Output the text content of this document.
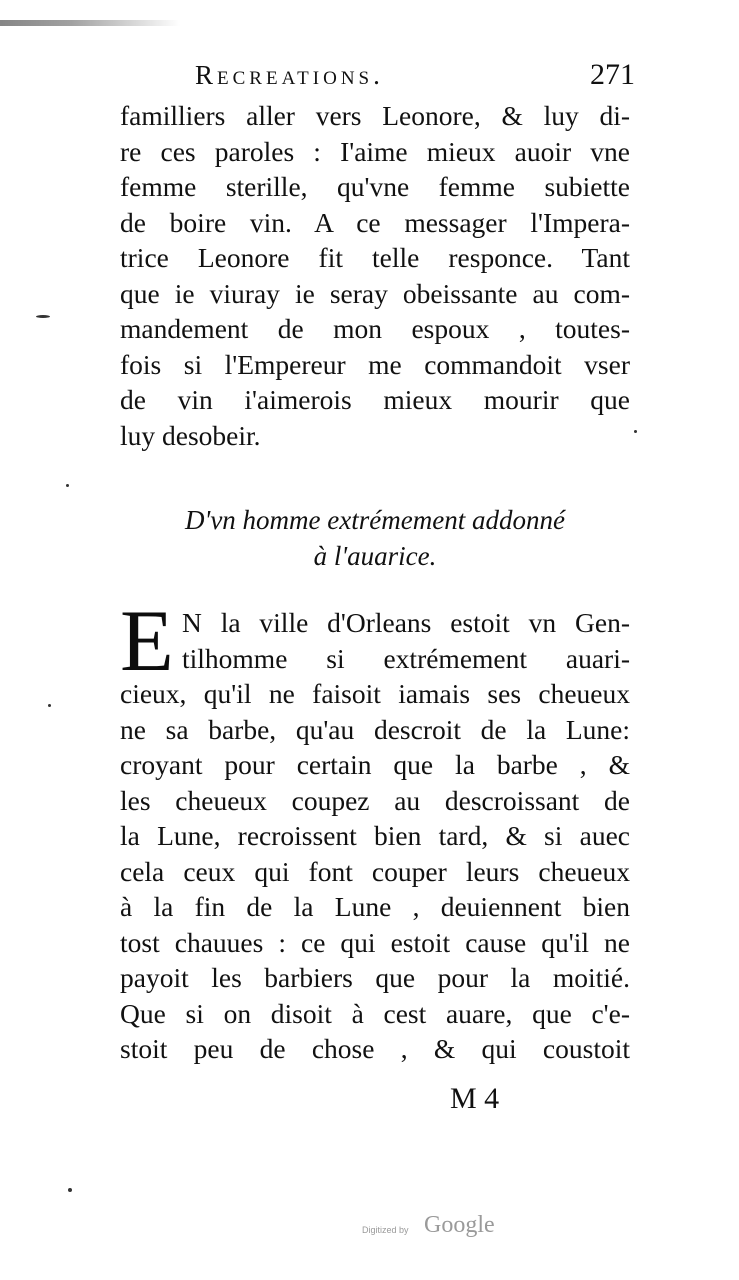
Recreations.	271
familliers aller vers Leonore, & luy di-
re ces paroles : I'aime mieux auoir vne
femme sterille, qu'vne femme subiette
de boire vin. A ce messager l'Impera-
trice Leonore fit telle responce. Tant
que ie viuray ie seray obeissante au com-
mandement de mon espoux , toutes-
fois si l'Empereur me commandoit vser
de vin i'aimerois mieux mourir que
luy desobeir.
D'vn homme extrémement addonné
à l'auarice.
E N la ville d'Orleans estoit vn Gen-
tilhomme si extrémement auari-
cieux, qu'il ne faisoit iamais ses cheueux
ne sa barbe, qu'au descroit de la Lune:
croyant pour certain que la barbe , &
les cheueux coupez au descroissant de
la Lune, recroissent bien tard, & si auec
cela ceux qui font couper leurs cheueux
à la fin de la Lune , deuiennent bien
tost chauues : ce qui estoit cause qu'il ne
payoit les barbiers que pour la moitié.
Que si on disoit à cest auare, que c'e-
stoit peu de chose , & qui coustoit
M 4
Digitized by Google
